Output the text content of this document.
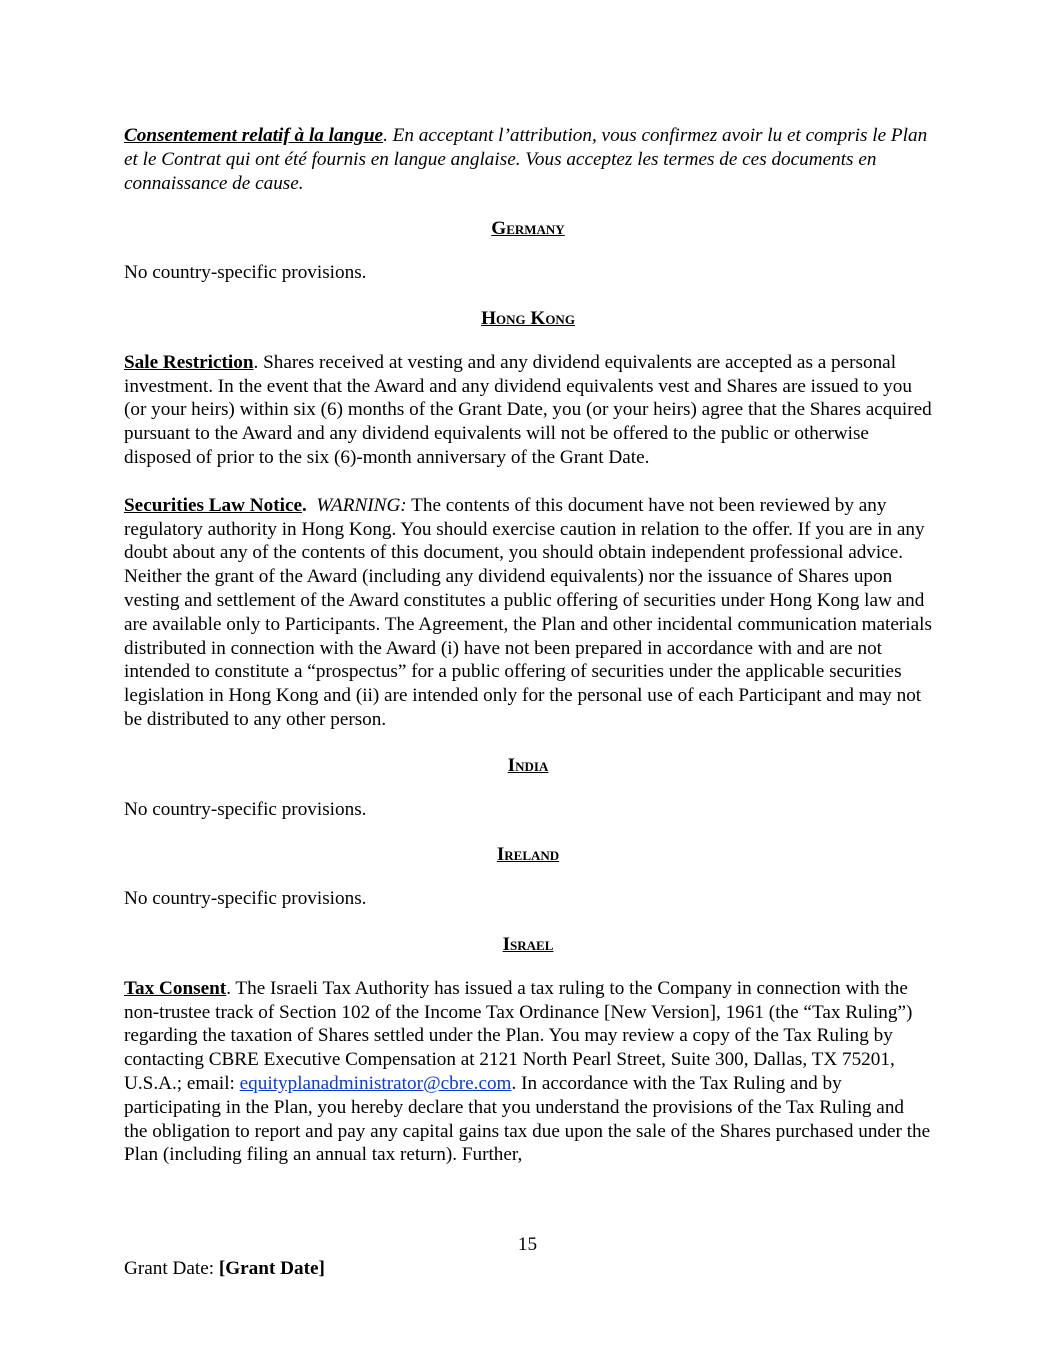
Consentement relatif à la langue. En acceptant l’attribution, vous confirmez avoir lu et compris le Plan et le Contrat qui ont été fournis en langue anglaise. Vous acceptez les termes de ces documents en connaissance de cause.

Germany

No country-specific provisions.

Hong Kong

Sale Restriction. Shares received at vesting and any dividend equivalents are accepted as a personal investment. In the event that the Award and any dividend equivalents vest and Shares are issued to you (or your heirs) within six (6) months of the Grant Date, you (or your heirs) agree that the Shares acquired pursuant to the Award and any dividend equivalents will not be offered to the public or otherwise disposed of prior to the six (6)-month anniversary of the Grant Date.

Securities Law Notice. WARNING: The contents of this document have not been reviewed by any regulatory authority in Hong Kong. You should exercise caution in relation to the offer. If you are in any doubt about any of the contents of this document, you should obtain independent professional advice. Neither the grant of the Award (including any dividend equivalents) nor the issuance of Shares upon vesting and settlement of the Award constitutes a public offering of securities under Hong Kong law and are available only to Participants. The Agreement, the Plan and other incidental communication materials distributed in connection with the Award (i) have not been prepared in accordance with and are not intended to constitute a “prospectus” for a public offering of securities under the applicable securities legislation in Hong Kong and (ii) are intended only for the personal use of each Participant and may not be distributed to any other person.

India

No country-specific provisions.

Ireland

No country-specific provisions.

Israel

Tax Consent. The Israeli Tax Authority has issued a tax ruling to the Company in connection with the non-trustee track of Section 102 of the Income Tax Ordinance [New Version], 1961 (the “Tax Ruling”) regarding the taxation of Shares settled under the Plan. You may review a copy of the Tax Ruling by contacting CBRE Executive Compensation at 2121 North Pearl Street, Suite 300, Dallas, TX 75201, U.S.A.; email: equityplanadministrator@cbre.com. In accordance with the Tax Ruling and by participating in the Plan, you hereby declare that you understand the provisions of the Tax Ruling and the obligation to report and pay any capital gains tax due upon the sale of the Shares purchased under the Plan (including filing an annual tax return). Further,

15
Grant Date: [Grant Date]
